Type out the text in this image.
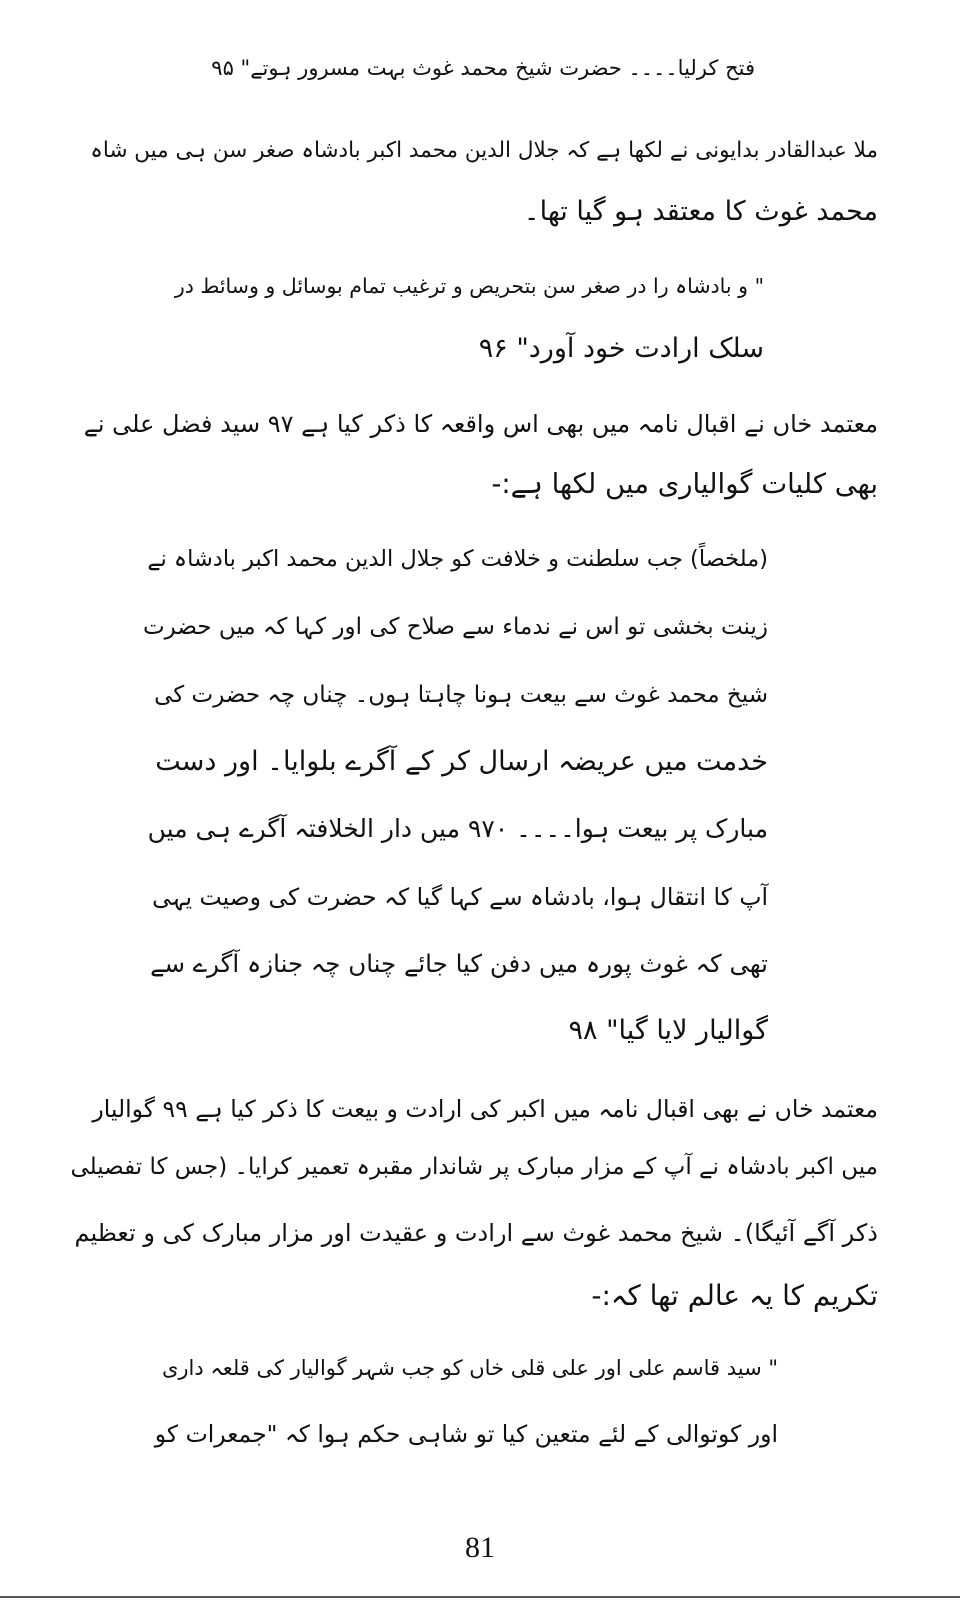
فتح کرلیا۔۔۔۔ حضرت شیخ محمد غوث بہت مسرور ہوتے" ۹۵
ملا عبدالقادر بدایونی نے لکھا ہے کہ جلال الدین محمد اکبر بادشاہ صغر سن ہی میں شاہ
محمد غوث کا معتقد ہو گیا تھا۔
" و بادشاہ را در صغر سن بتحریص و ترغیب تمام بوسائل و وسائط در
سلک ارادت خود آورد" ۹۶
معتمد خاں نے اقبال نامہ میں بھی اس واقعہ کا ذکر کیا ہے ۹۷ سید فضل علی نے
بھی کلیات گوالیاری میں لکھا ہے:-
(ملخصاً) جب سلطنت و خلافت کو جلال الدین محمد اکبر بادشاہ نے
زینت بخشی تو اس نے ندماء سے صلاح کی اور کہا کہ میں حضرت
شیخ محمد غوث سے بیعت ہونا چاہتا ہوں۔ چناں چہ حضرت کی
خدمت میں عریضہ ارسال کر کے آگرے بلوایا۔ اور دست
مبارک پر بیعت ہوا۔۔۔۔ ۹۷۰ میں دار الخلافتہ آگرے ہی میں
آپ کا انتقال ہوا، بادشاہ سے کہا گیا کہ حضرت کی وصیت یہی
تھی کہ غوث پورہ میں دفن کیا جائے چناں چہ جنازہ آگرے سے
گوالیار لایا گیا" ۹۸
معتمد خاں نے بھی اقبال نامہ میں اکبر کی ارادت و بیعت کا ذکر کیا ہے ۹۹ گوالیار
میں اکبر بادشاہ نے آپ کے مزار مبارک پر شاندار مقبرہ تعمیر کرایا۔ (جس کا تفصیلی
ذکر آگے آئیگا)۔ شیخ محمد غوث سے ارادت و عقیدت اور مزار مبارک کی و تعظیم
تکریم کا یہ عالم تھا کہ:-
" سید قاسم علی اور علی قلی خاں کو جب شہر گوالیار کی قلعہ داری
اور کوتوالی کے لئے متعین کیا تو شاہی حکم ہوا کہ "جمعرات کو
81
